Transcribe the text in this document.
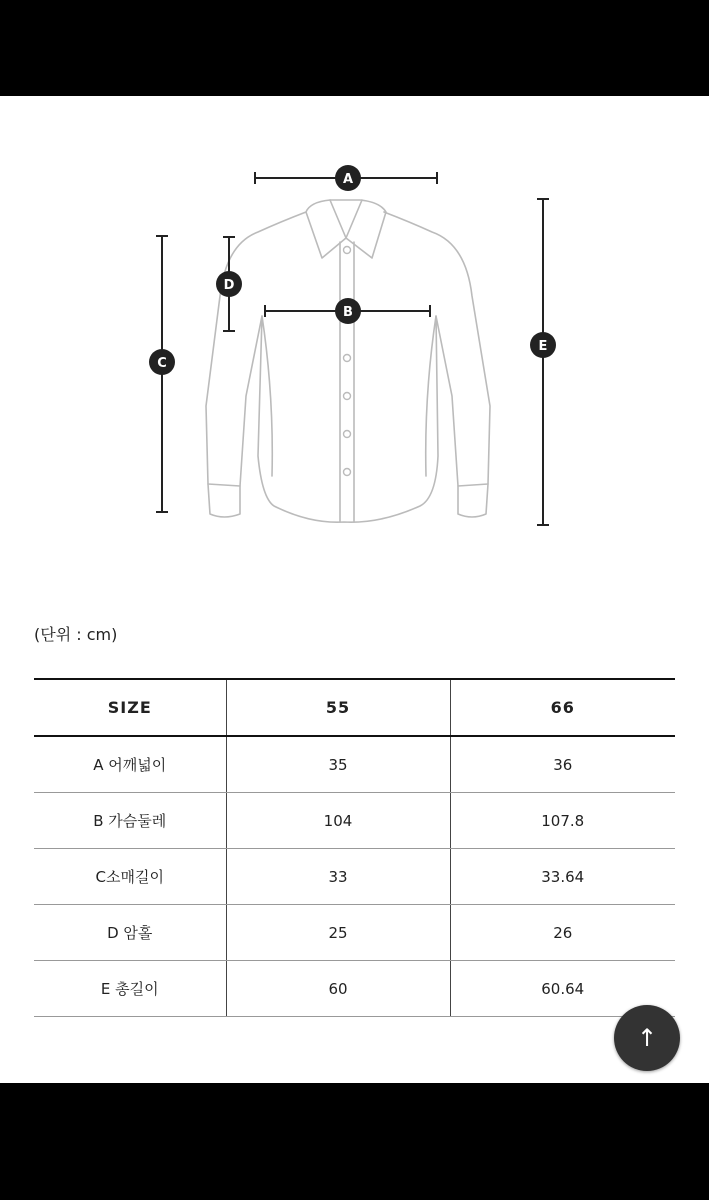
A
B
C
D
E
(단위 : cm)
SIZE	55	66
A 어깨넓이	35	36
B 가슴둘레	104	107.8
C소매길이	33	33.64
D 암홀	25	26
E 총길이	60	60.64
↑
